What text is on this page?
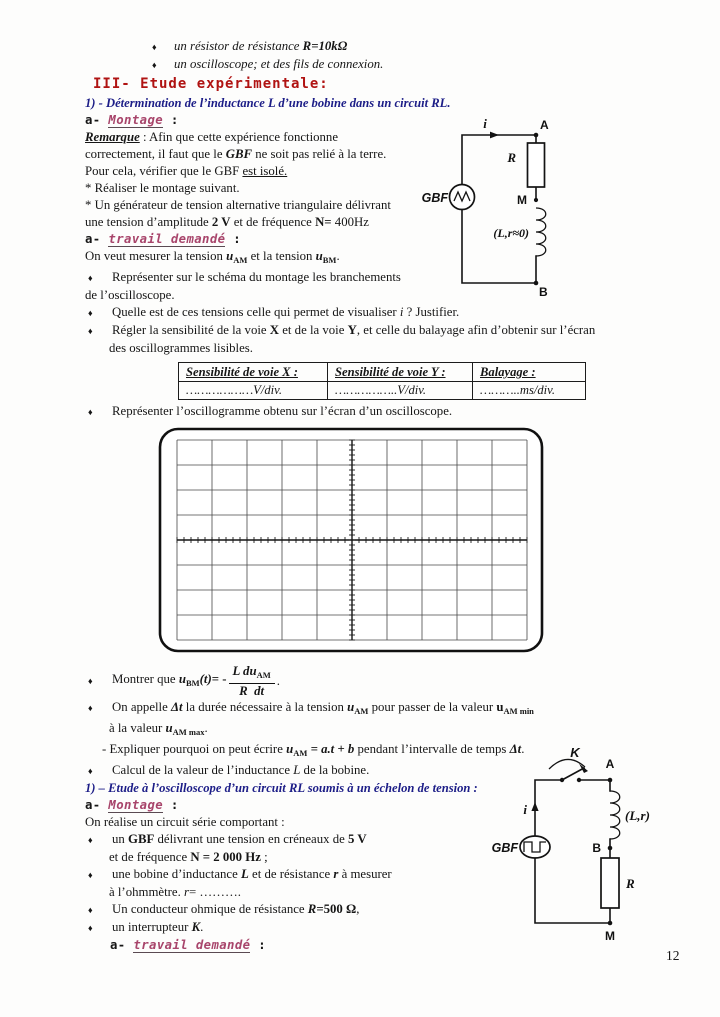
♦	un résistor de résistance R=10kΩ
♦	un oscilloscope; et des fils de connexion.
III- Etude expérimentale:
1) - Détermination de l’inductance L d’une bobine dans un circuit RL.
a- Montage :
Remarque : Afin que cette expérience fonctionne
correctement, il faut que le GBF ne soit pas relié à la terre.
Pour cela, vérifier que le GBF est isolé.
* Réaliser le montage suivant.
* Un générateur de tension alternative triangulaire délivrant
une tension d’amplitude 2 V et de fréquence N= 400Hz
a- travail demandé :
On veut mesurer la tension $u_{AM}$ et la tension $u_{BM}$.
♦	Représenter sur le schéma du montage les branchements
de l’oscilloscope.
♦	Quelle est de ces tensions celle qui permet de visualiser i ? Justifier.
♦	Régler la sensibilité de la voie X et de la voie Y, et celle du balayage afin d’obtenir sur l’écran
des oscillogrammes lisibles.
Sensibilité de voie X :	Sensibilité de voie Y :	Balayage :
………………V/div.	……………..V/div.	………..ms/div.
♦	Représenter l’oscillogramme obtenu sur l’écran d’un oscilloscope.
♦	Montrer que $u_{BM}(t)= - \frac{L du_{AM}}{\text{R dt}}$ .
♦	On appelle Δt la durée nécessaire à la tension $u_{AM}$ pour passer de la valeur $u_{AM min}$
à la valeur $u_{AM max}$.
- Expliquer pourquoi on peut écrire $u_{AM} = a.t + b$ pendant l’intervalle de temps Δt.
♦	Calcul de la valeur de l’inductance L de la bobine.
1) – Etude à l’oscilloscope d’un circuit RL soumis à un échelon de tension :
a- Montage :
On réalise un circuit série comportant :
♦	un GBF délivrant une tension en créneaux de 5 V
et de fréquence N = 2 000 Hz ;
♦	une bobine d’inductance L et de résistance r à mesurer
à l’ohmmètre. r= ……….
♦	Un conducteur ohmique de résistance R=500 Ω,
♦	un interrupteur K.
a- travail demandé :
i	A
R
M
(L,r≈0)
B
GBF
K
A
i	(L,r)
B
R
M
GBF
12
